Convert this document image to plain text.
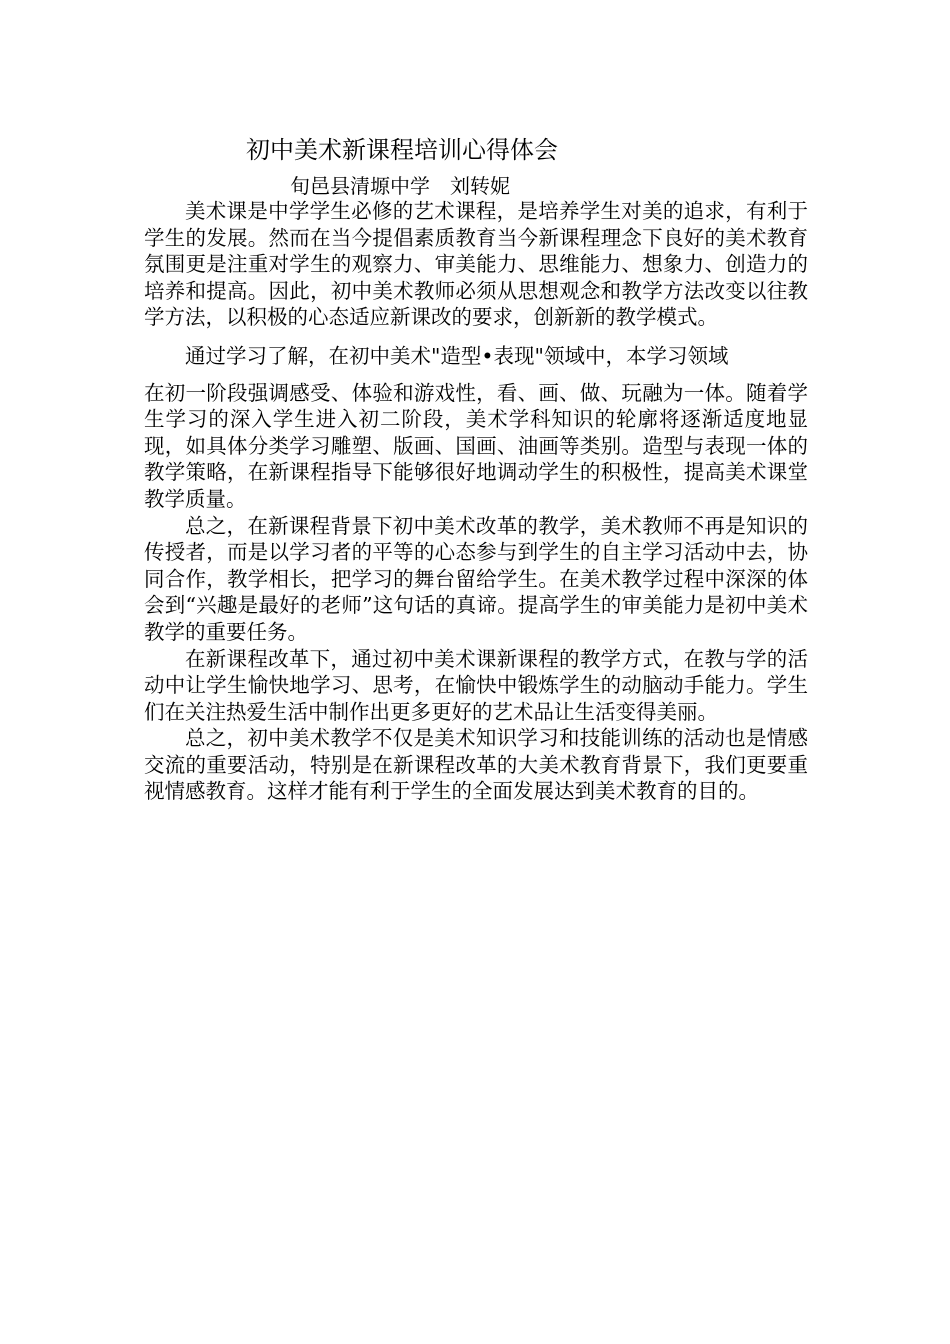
初中美术新课程培训心得体会
旬邑县清塬中学　刘转妮

美术课是中学学生必修的艺术课程，是培养学生对美的追求，有利于学生的发展。然而在当今提倡素质教育当今新课程理念下良好的美术教育氛围更是注重对学生的观察力、审美能力、思维能力、想象力、创造力的培养和提高。因此，初中美术教师必须从思想观念和教学方法改变以往教学方法，以积极的心态适应新课改的要求，创新新的教学模式。

通过学习了解，在初中美术"造型•表现"领域中，本学习领域

在初一阶段强调感受、体验和游戏性，看、画、做、玩融为一体。随着学生学习的深入学生进入初二阶段，美术学科知识的轮廓将逐渐适度地显现，如具体分类学习雕塑、版画、国画、油画等类别。造型与表现一体的教学策略，在新课程指导下能够很好地调动学生的积极性，提高美术课堂教学质量。

总之，在新课程背景下初中美术改革的教学，美术教师不再是知识的传授者，而是以学习者的平等的心态参与到学生的自主学习活动中去，协同合作，教学相长，把学习的舞台留给学生。在美术教学过程中深深的体会到“兴趣是最好的老师”这句话的真谛。提高学生的审美能力是初中美术教学的重要任务。

在新课程改革下，通过初中美术课新课程的教学方式，在教与学的活动中让学生愉快地学习、思考，在愉快中锻炼学生的动脑动手能力。学生们在关注热爱生活中制作出更多更好的艺术品让生活变得美丽。

总之，初中美术教学不仅是美术知识学习和技能训练的活动也是情感交流的重要活动，特别是在新课程改革的大美术教育背景下，我们更要重视情感教育。这样才能有利于学生的全面发展达到美术教育的目的。
